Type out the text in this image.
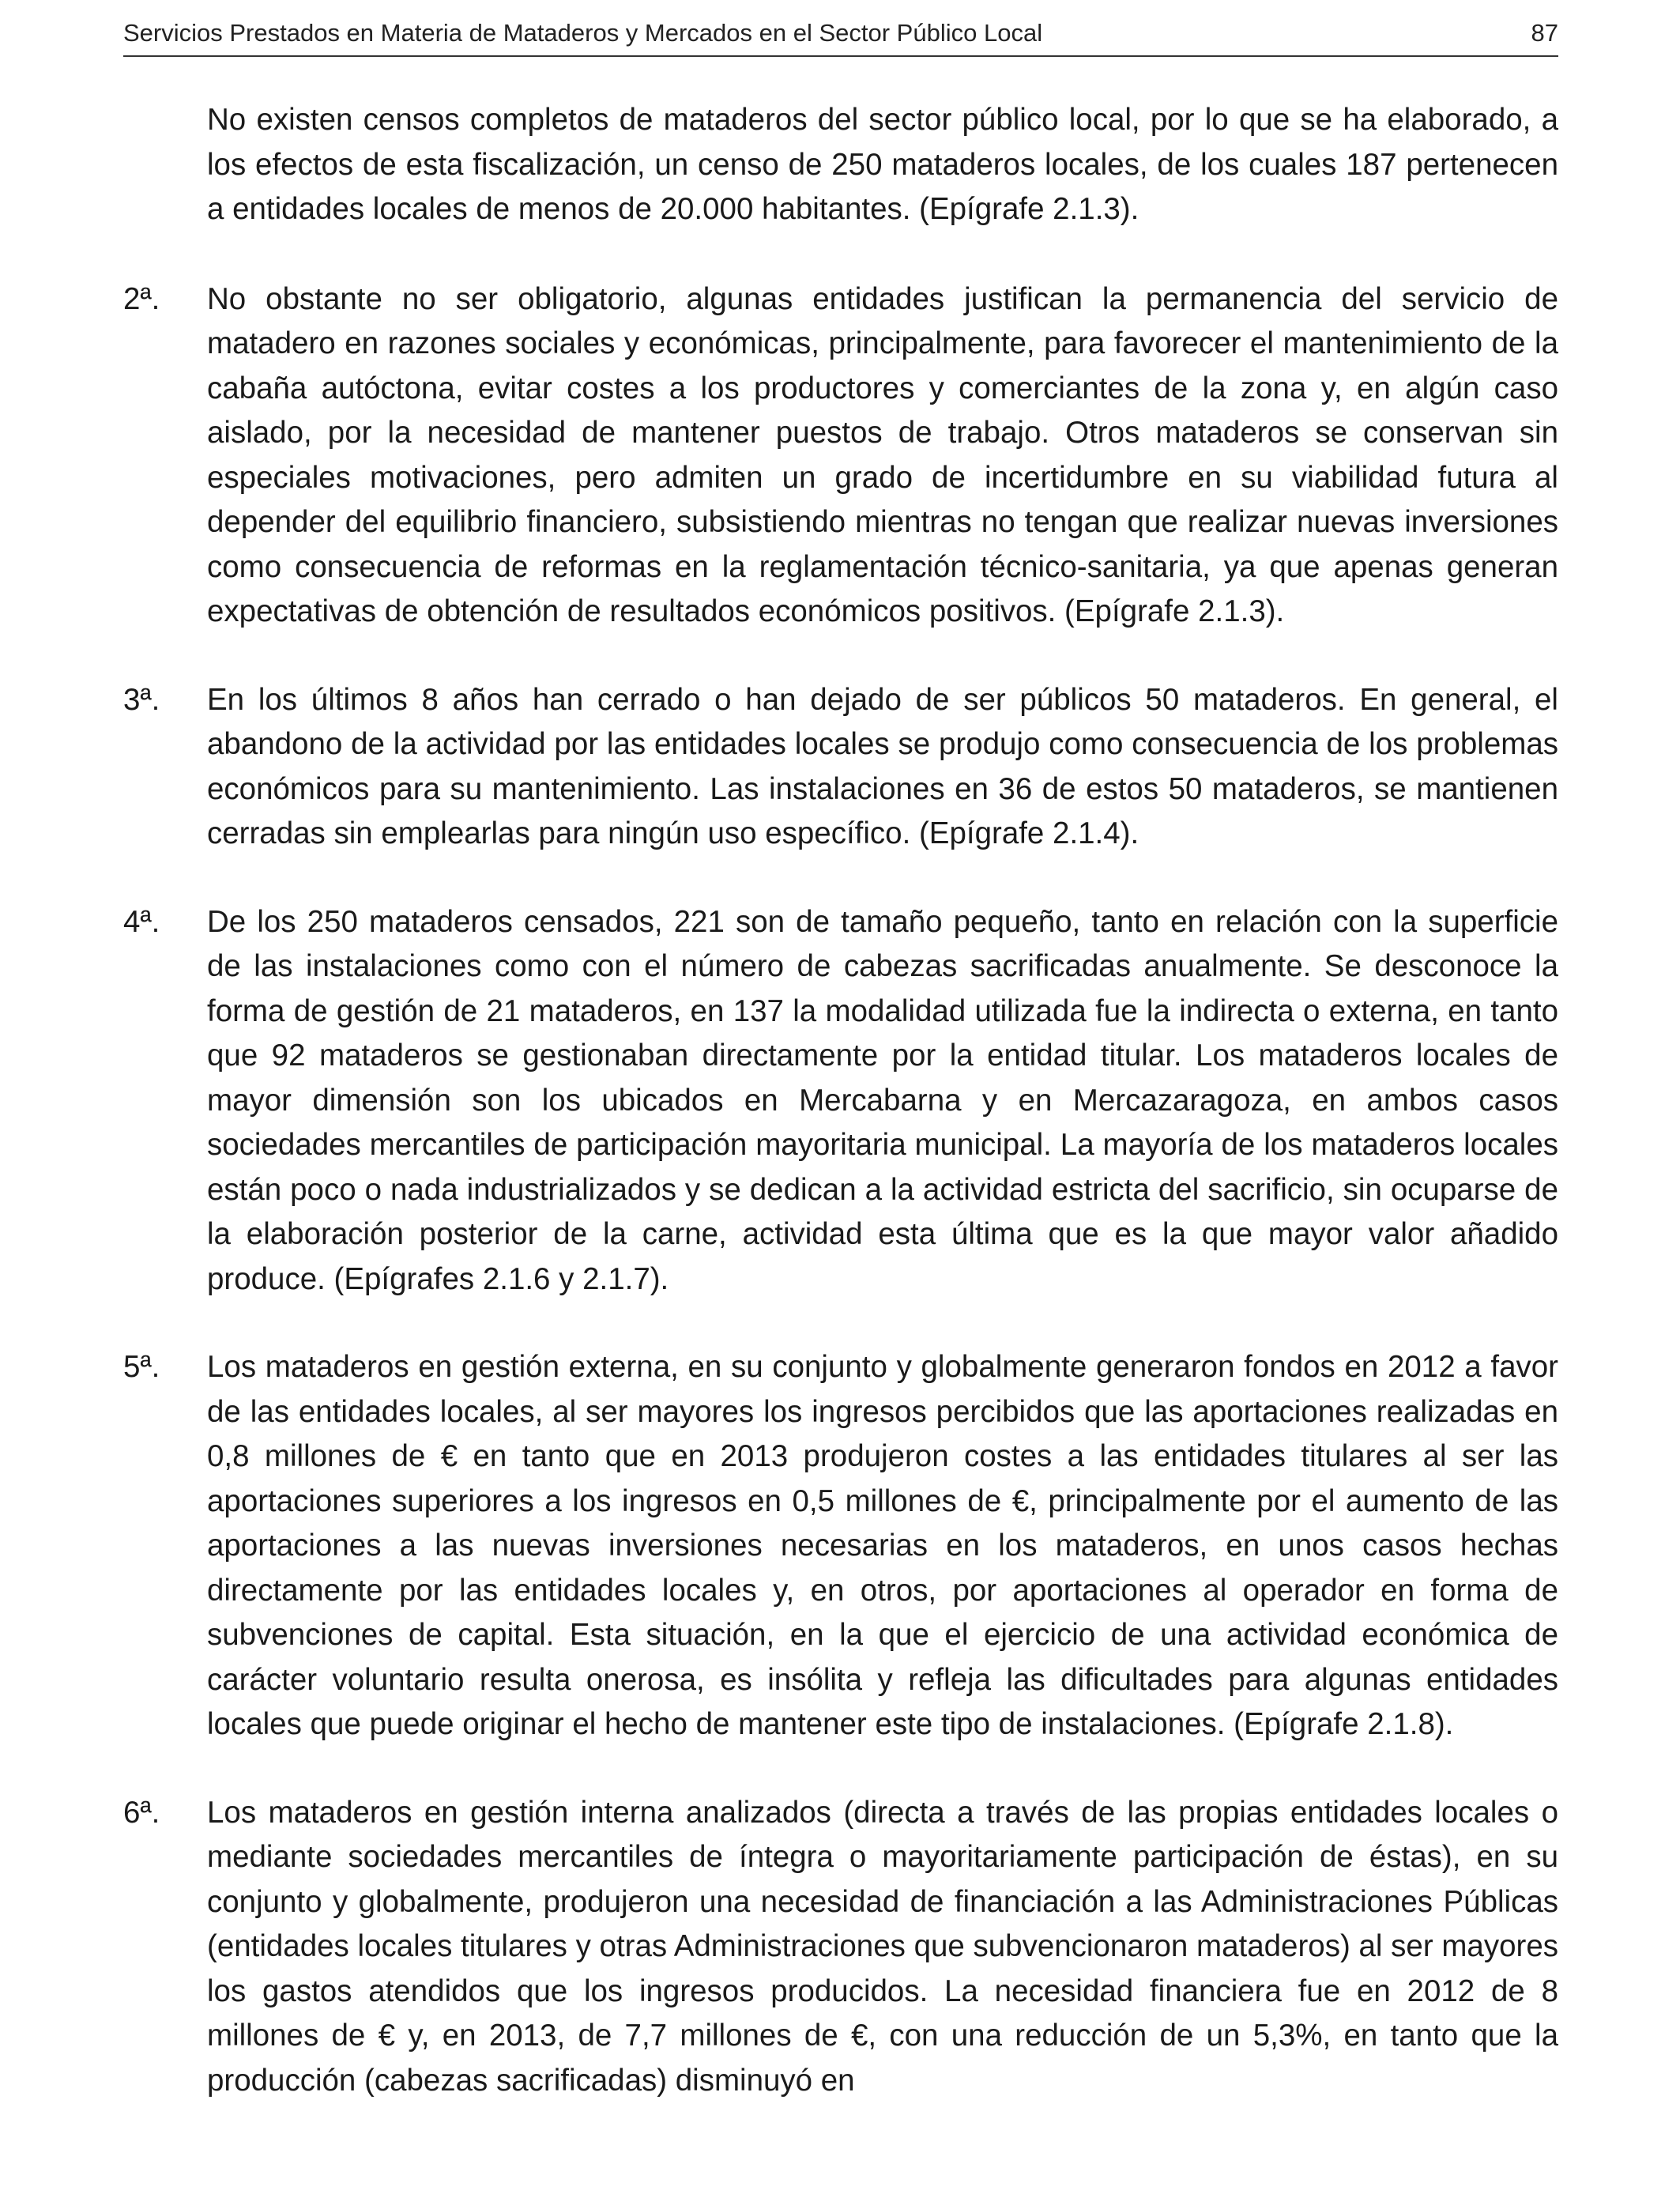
Servicios Prestados en Materia de Mataderos y Mercados en el Sector Público Local	87
No existen censos completos de mataderos del sector público local, por lo que se ha elaborado, a los efectos de esta fiscalización, un censo de 250 mataderos locales, de los cuales 187 pertenecen a entidades locales de menos de 20.000 habitantes. (Epígrafe 2.1.3).
2ª.	No obstante no ser obligatorio, algunas entidades justifican la permanencia del servicio de matadero en razones sociales y económicas, principalmente, para favorecer el mantenimiento de la cabaña autóctona, evitar costes a los productores y comerciantes de la zona y, en algún caso aislado, por la necesidad de mantener puestos de trabajo. Otros mataderos se conservan sin especiales motivaciones, pero admiten un grado de incertidumbre en su viabilidad futura al depender del equilibrio financiero, subsistiendo mientras no tengan que realizar nuevas inversiones como consecuencia de reformas en la reglamentación técnico-sanitaria, ya que apenas generan expectativas de obtención de resultados económicos positivos. (Epígrafe 2.1.3).
3ª.	En los últimos 8 años han cerrado o han dejado de ser públicos 50 mataderos. En general, el abandono de la actividad por las entidades locales se produjo como consecuencia de los problemas económicos para su mantenimiento. Las instalaciones en 36 de estos 50 mataderos, se mantienen cerradas sin emplearlas para ningún uso específico. (Epígrafe 2.1.4).
4ª.	De los 250 mataderos censados, 221 son de tamaño pequeño, tanto en relación con la superficie de las instalaciones como con el número de cabezas sacrificadas anualmente. Se desconoce la forma de gestión de 21 mataderos, en 137 la modalidad utilizada fue la indirecta o externa, en tanto que 92 mataderos se gestionaban directamente por la entidad titular. Los mataderos locales de mayor dimensión son los ubicados en Mercabarna y en Mercazaragoza, en ambos casos sociedades mercantiles de participación mayoritaria municipal. La mayoría de los mataderos locales están poco o nada industrializados y se dedican a la actividad estricta del sacrificio, sin ocuparse de la elaboración posterior de la carne, actividad esta última que es la que mayor valor añadido produce. (Epígrafes 2.1.6 y 2.1.7).
5ª.	Los mataderos en gestión externa, en su conjunto y globalmente generaron fondos en 2012 a favor de las entidades locales, al ser mayores los ingresos percibidos que las aportaciones realizadas en 0,8 millones de € en tanto que en 2013 produjeron costes a las entidades titulares al ser las aportaciones superiores a los ingresos en 0,5 millones de €, principalmente por el aumento de las aportaciones a las nuevas inversiones necesarias en los mataderos, en unos casos hechas directamente por las entidades locales y, en otros, por aportaciones al operador en forma de subvenciones de capital. Esta situación, en la que el ejercicio de una actividad económica de carácter voluntario resulta onerosa, es insólita y refleja las dificultades para algunas entidades locales que puede originar el hecho de mantener este tipo de instalaciones. (Epígrafe 2.1.8).
6ª.	Los mataderos en gestión interna analizados (directa a través de las propias entidades locales o mediante sociedades mercantiles de íntegra o mayoritariamente participación de éstas), en su conjunto y globalmente, produjeron una necesidad de financiación a las Administraciones Públicas (entidades locales titulares y otras Administraciones que subvencionaron mataderos) al ser mayores los gastos atendidos que los ingresos producidos. La necesidad financiera fue en 2012 de 8 millones de € y, en 2013, de 7,7 millones de €, con una reducción de un 5,3%, en tanto que la producción (cabezas sacrificadas) disminuyó en
